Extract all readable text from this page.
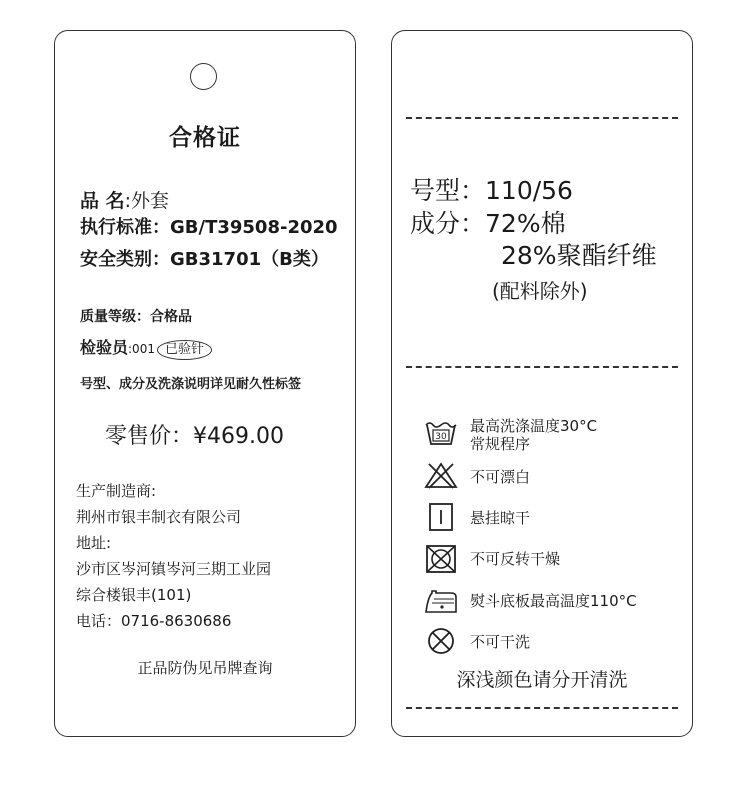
合格证
品 名:外套
执行标准：GB/T39508-2020
安全类别：GB31701（B类）
质量等级：合格品
检验员:001 已验针
号型、成分及洗涤说明详见耐久性标签
零售价：¥469.00
生产制造商:
荆州市银丰制衣有限公司
地址:
沙市区岑河镇岑河三期工业园
综合楼银丰(101)
电话：0716-8630686
正品防伪见吊牌查询
号型：110/56
成分：72%棉
28%聚酯纤维
(配料除外)
30
最高洗涤温度30°C
常规程序
不可漂白
悬挂晾干
不可反转干燥
熨斗底板最高温度110°C
不可干洗
深浅颜色请分开清洗
